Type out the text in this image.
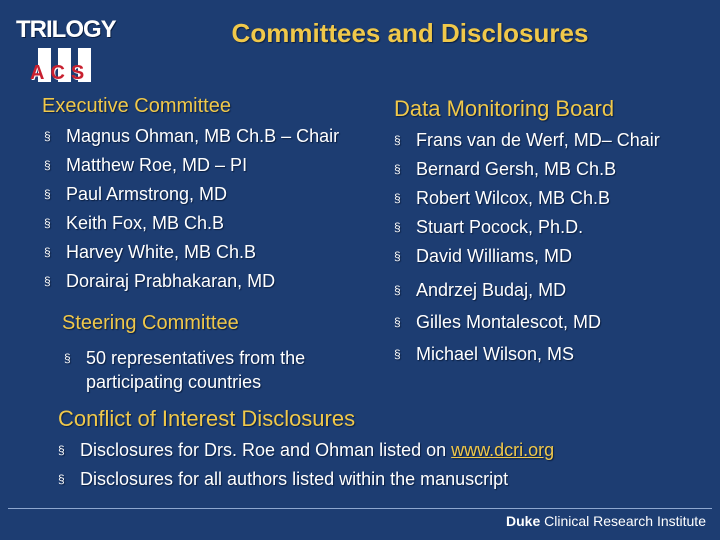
TRILOGY
ACS
Committees and Disclosures
Executive Committee
§ Magnus Ohman, MB Ch.B – Chair
§ Matthew Roe, MD – PI
§ Paul Armstrong, MD
§ Keith Fox, MB Ch.B
§ Harvey White, MB Ch.B
§ Dorairaj Prabhakaran, MD
Steering Committee
§ 50 representatives from the participating countries
Data Monitoring Board
§ Frans van de Werf, MD– Chair
§ Bernard Gersh, MB Ch.B
§ Robert Wilcox, MB Ch.B
§ Stuart Pocock, Ph.D.
§ David Williams, MD
§ Andrzej Budaj, MD
§ Gilles Montalescot, MD
§ Michael Wilson, MS
Conflict of Interest Disclosures
§ Disclosures for Drs. Roe and Ohman listed on www.dcri.org
§ Disclosures for all authors listed within the manuscript
Duke Clinical Research Institute
